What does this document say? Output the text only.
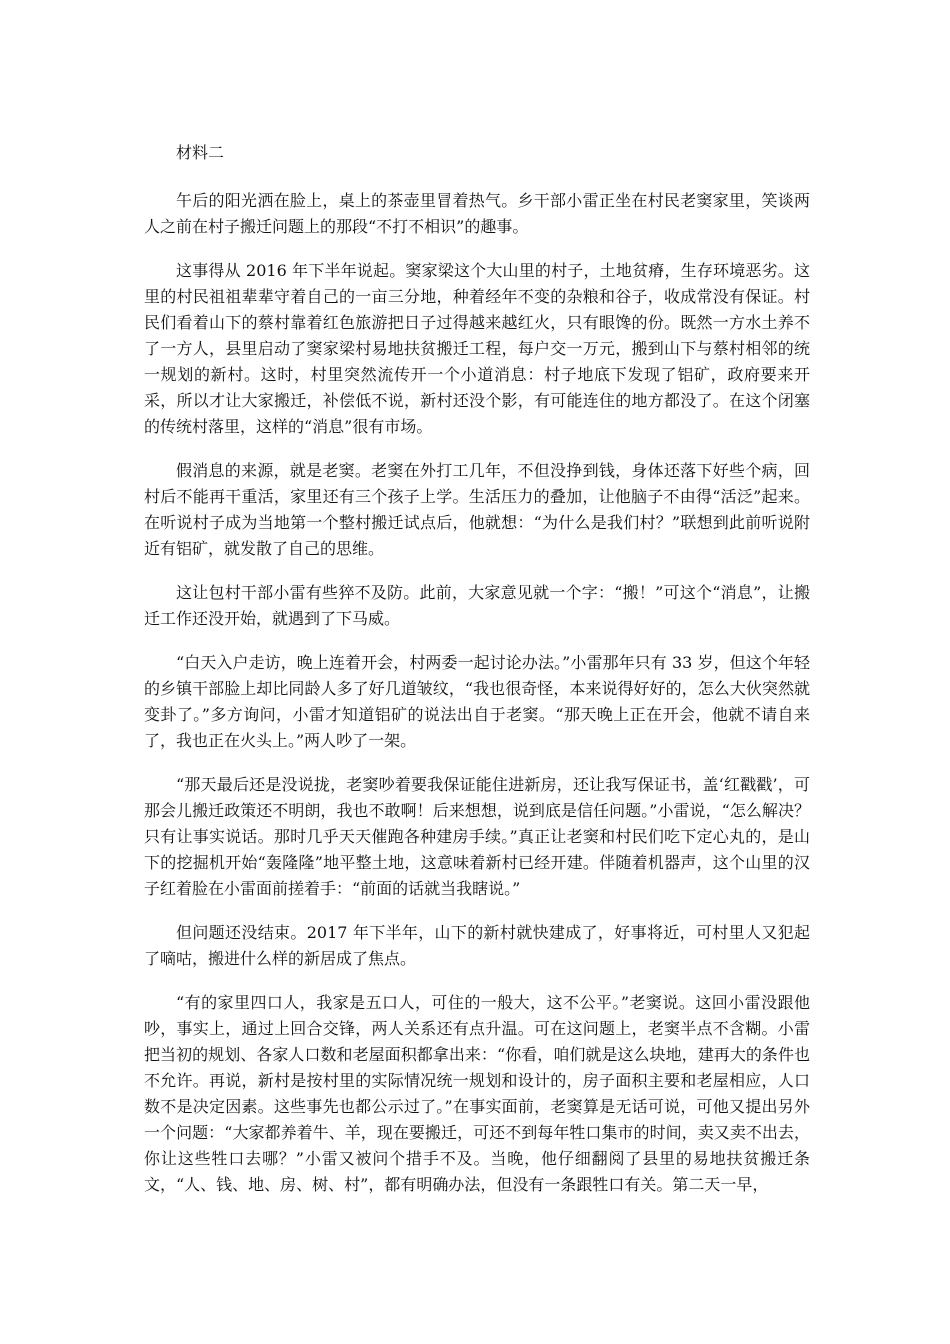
材料二

午后的阳光洒在脸上，桌上的茶壶里冒着热气。乡干部小雷正坐在村民老窦家里，笑谈两人之前在村子搬迁问题上的那段“不打不相识”的趣事。

这事得从 2016 年下半年说起。窦家梁这个大山里的村子，土地贫瘠，生存环境恶劣。这里的村民祖祖辈辈守着自己的一亩三分地，种着经年不变的杂粮和谷子，收成常没有保证。村民们看着山下的蔡村靠着红色旅游把日子过得越来越红火，只有眼馋的份。既然一方水土养不了一方人，县里启动了窦家梁村易地扶贫搬迁工程，每户交一万元，搬到山下与蔡村相邻的统一规划的新村。这时，村里突然流传开一个小道消息：村子地底下发现了铝矿，政府要来开采，所以才让大家搬迁，补偿低不说，新村还没个影，有可能连住的地方都没了。在这个闭塞的传统村落里，这样的“消息”很有市场。

假消息的来源，就是老窦。老窦在外打工几年，不但没挣到钱，身体还落下好些个病，回村后不能再干重活，家里还有三个孩子上学。生活压力的叠加，让他脑子不由得“活泛”起来。在听说村子成为当地第一个整村搬迁试点后，他就想：“为什么是我们村？”联想到此前听说附近有铝矿，就发散了自己的思维。

这让包村干部小雷有些猝不及防。此前，大家意见就一个字：“搬！”可这个“消息”，让搬迁工作还没开始，就遇到了下马威。

“白天入户走访，晚上连着开会，村两委一起讨论办法。”小雷那年只有 33 岁，但这个年轻的乡镇干部脸上却比同龄人多了好几道皱纹，“我也很奇怪，本来说得好好的，怎么大伙突然就变卦了。”多方询问，小雷才知道铝矿的说法出自于老窦。“那天晚上正在开会，他就不请自来了，我也正在火头上。”两人吵了一架。

“那天最后还是没说拢，老窦吵着要我保证能住进新房，还让我写保证书，盖‘红戳戳’，可那会儿搬迁政策还不明朗，我也不敢啊！后来想想，说到底是信任问题。”小雷说，“怎么解决？只有让事实说话。那时几乎天天催跑各种建房手续。”真正让老窦和村民们吃下定心丸的，是山下的挖掘机开始“轰隆隆”地平整土地，这意味着新村已经开建。伴随着机器声，这个山里的汉子红着脸在小雷面前搓着手：“前面的话就当我瞎说。”

但问题还没结束。2017 年下半年，山下的新村就快建成了，好事将近，可村里人又犯起了嘀咕，搬进什么样的新居成了焦点。

“有的家里四口人，我家是五口人，可住的一般大，这不公平。”老窦说。这回小雷没跟他吵，事实上，通过上回合交锋，两人关系还有点升温。可在这问题上，老窦半点不含糊。小雷把当初的规划、各家人口数和老屋面积都拿出来：“你看，咱们就是这么块地，建再大的条件也不允许。再说，新村是按村里的实际情况统一规划和设计的，房子面积主要和老屋相应，人口数不是决定因素。这些事先也都公示过了。”在事实面前，老窦算是无话可说，可他又提出另外一个问题：“大家都养着牛、羊，现在要搬迁，可还不到每年牲口集市的时间，卖又卖不出去，你让这些牲口去哪？”小雷又被问个措手不及。当晚，他仔细翻阅了县里的易地扶贫搬迁条文，“人、钱、地、房、树、村”，都有明确办法，但没有一条跟牲口有关。第二天一早，
